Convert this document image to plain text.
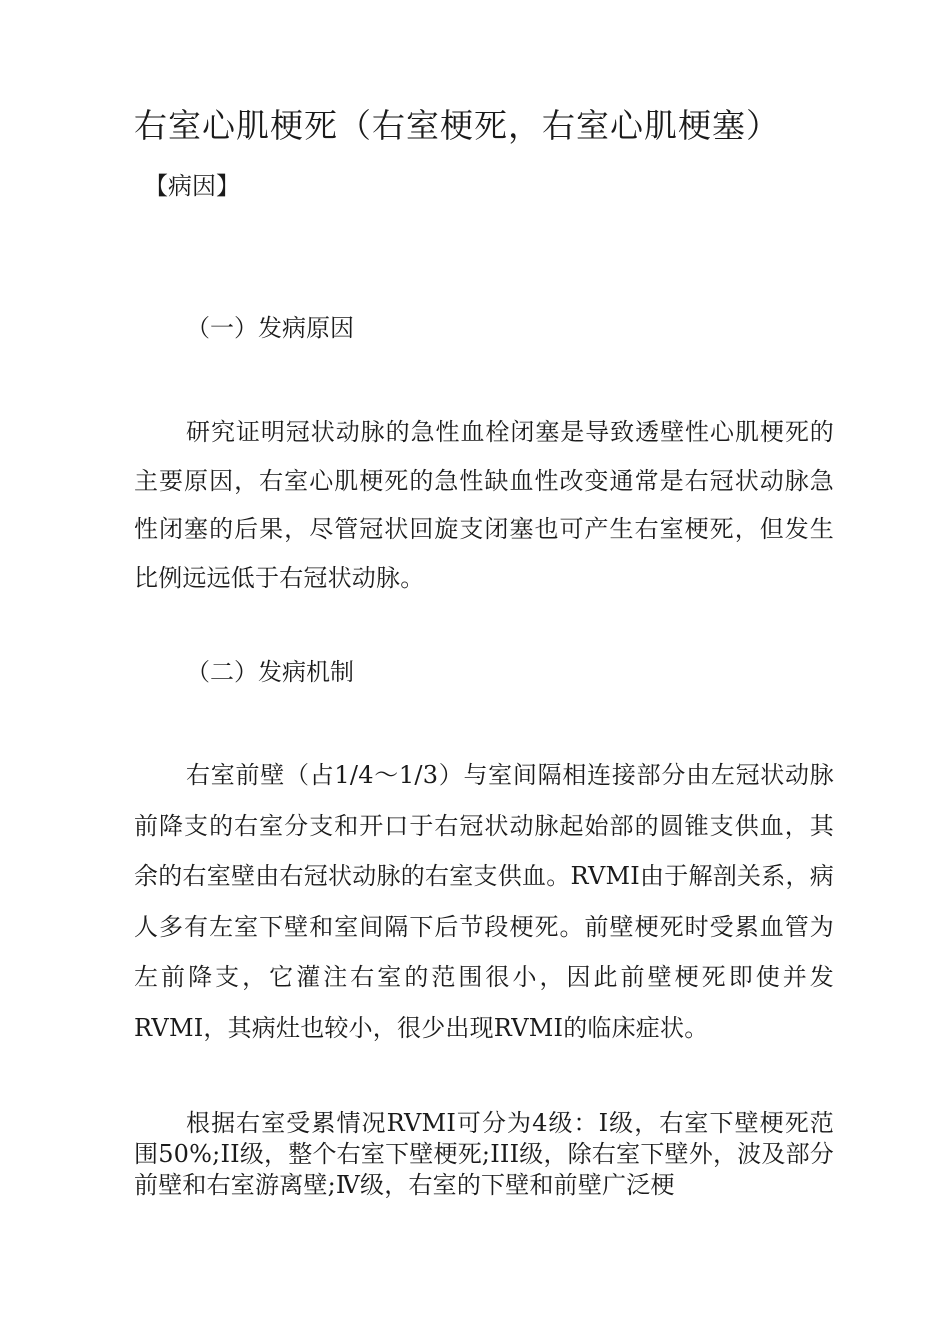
右室心肌梗死（右室梗死，右室心肌梗塞）
【病因】
（一）发病原因

研究证明冠状动脉的急性血栓闭塞是导致透壁性心肌梗死的主要原因，右室心肌梗死的急性缺血性改变通常是右冠状动脉急性闭塞的后果，尽管冠状回旋支闭塞也可产生右室梗死，但发生比例远远低于右冠状动脉。

（二）发病机制

右室前壁（占1/4～1/3）与室间隔相连接部分由左冠状动脉前降支的右室分支和开口于右冠状动脉起始部的圆锥支供血，其余的右室壁由右冠状动脉的右室支供血。RVMI由于解剖关系，病人多有左室下壁和室间隔下后节段梗死。前壁梗死时受累血管为左前降支，它灌注右室的范围很小，因此前壁梗死即使并发RVMI，其病灶也较小，很少出现RVMI的临床症状。

根据右室受累情况RVMI可分为4级：Ⅰ级，右室下壁梗死范围50%;II级，整个右室下壁梗死;III级，除右室下壁外，波及部分前壁和右室游离壁;Ⅳ级，右室的下壁和前壁广泛梗
